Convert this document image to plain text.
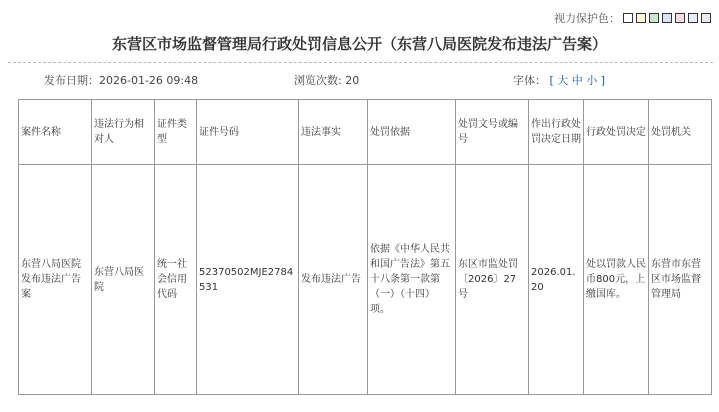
视力保护色：
东营区市场监督管理局行政处罚信息公开（东营八局医院发布违法广告案）
发布日期：2026-01-26 09:48	浏览次数: 20	字体： [ 大 中 小 ]
案件名称	违法行为相对人	证件类型	证件号码	违法事实	处罚依据	处罚文号或编号	作出行政处罚决定日期	行政处罚决定	处罚机关
东营八局医院发布违法广告案	东营八局医院	统一社会信用代码	52370502MJE2784531	发布违法广告	依据《中华人民共和国广告法》第五十八条第一款第（一）（十四）项。	东区市监处罚〔2026〕27号	2026.01.20	处以罚款人民币800元，上缴国库。	东营市东营区市场监督管理局
